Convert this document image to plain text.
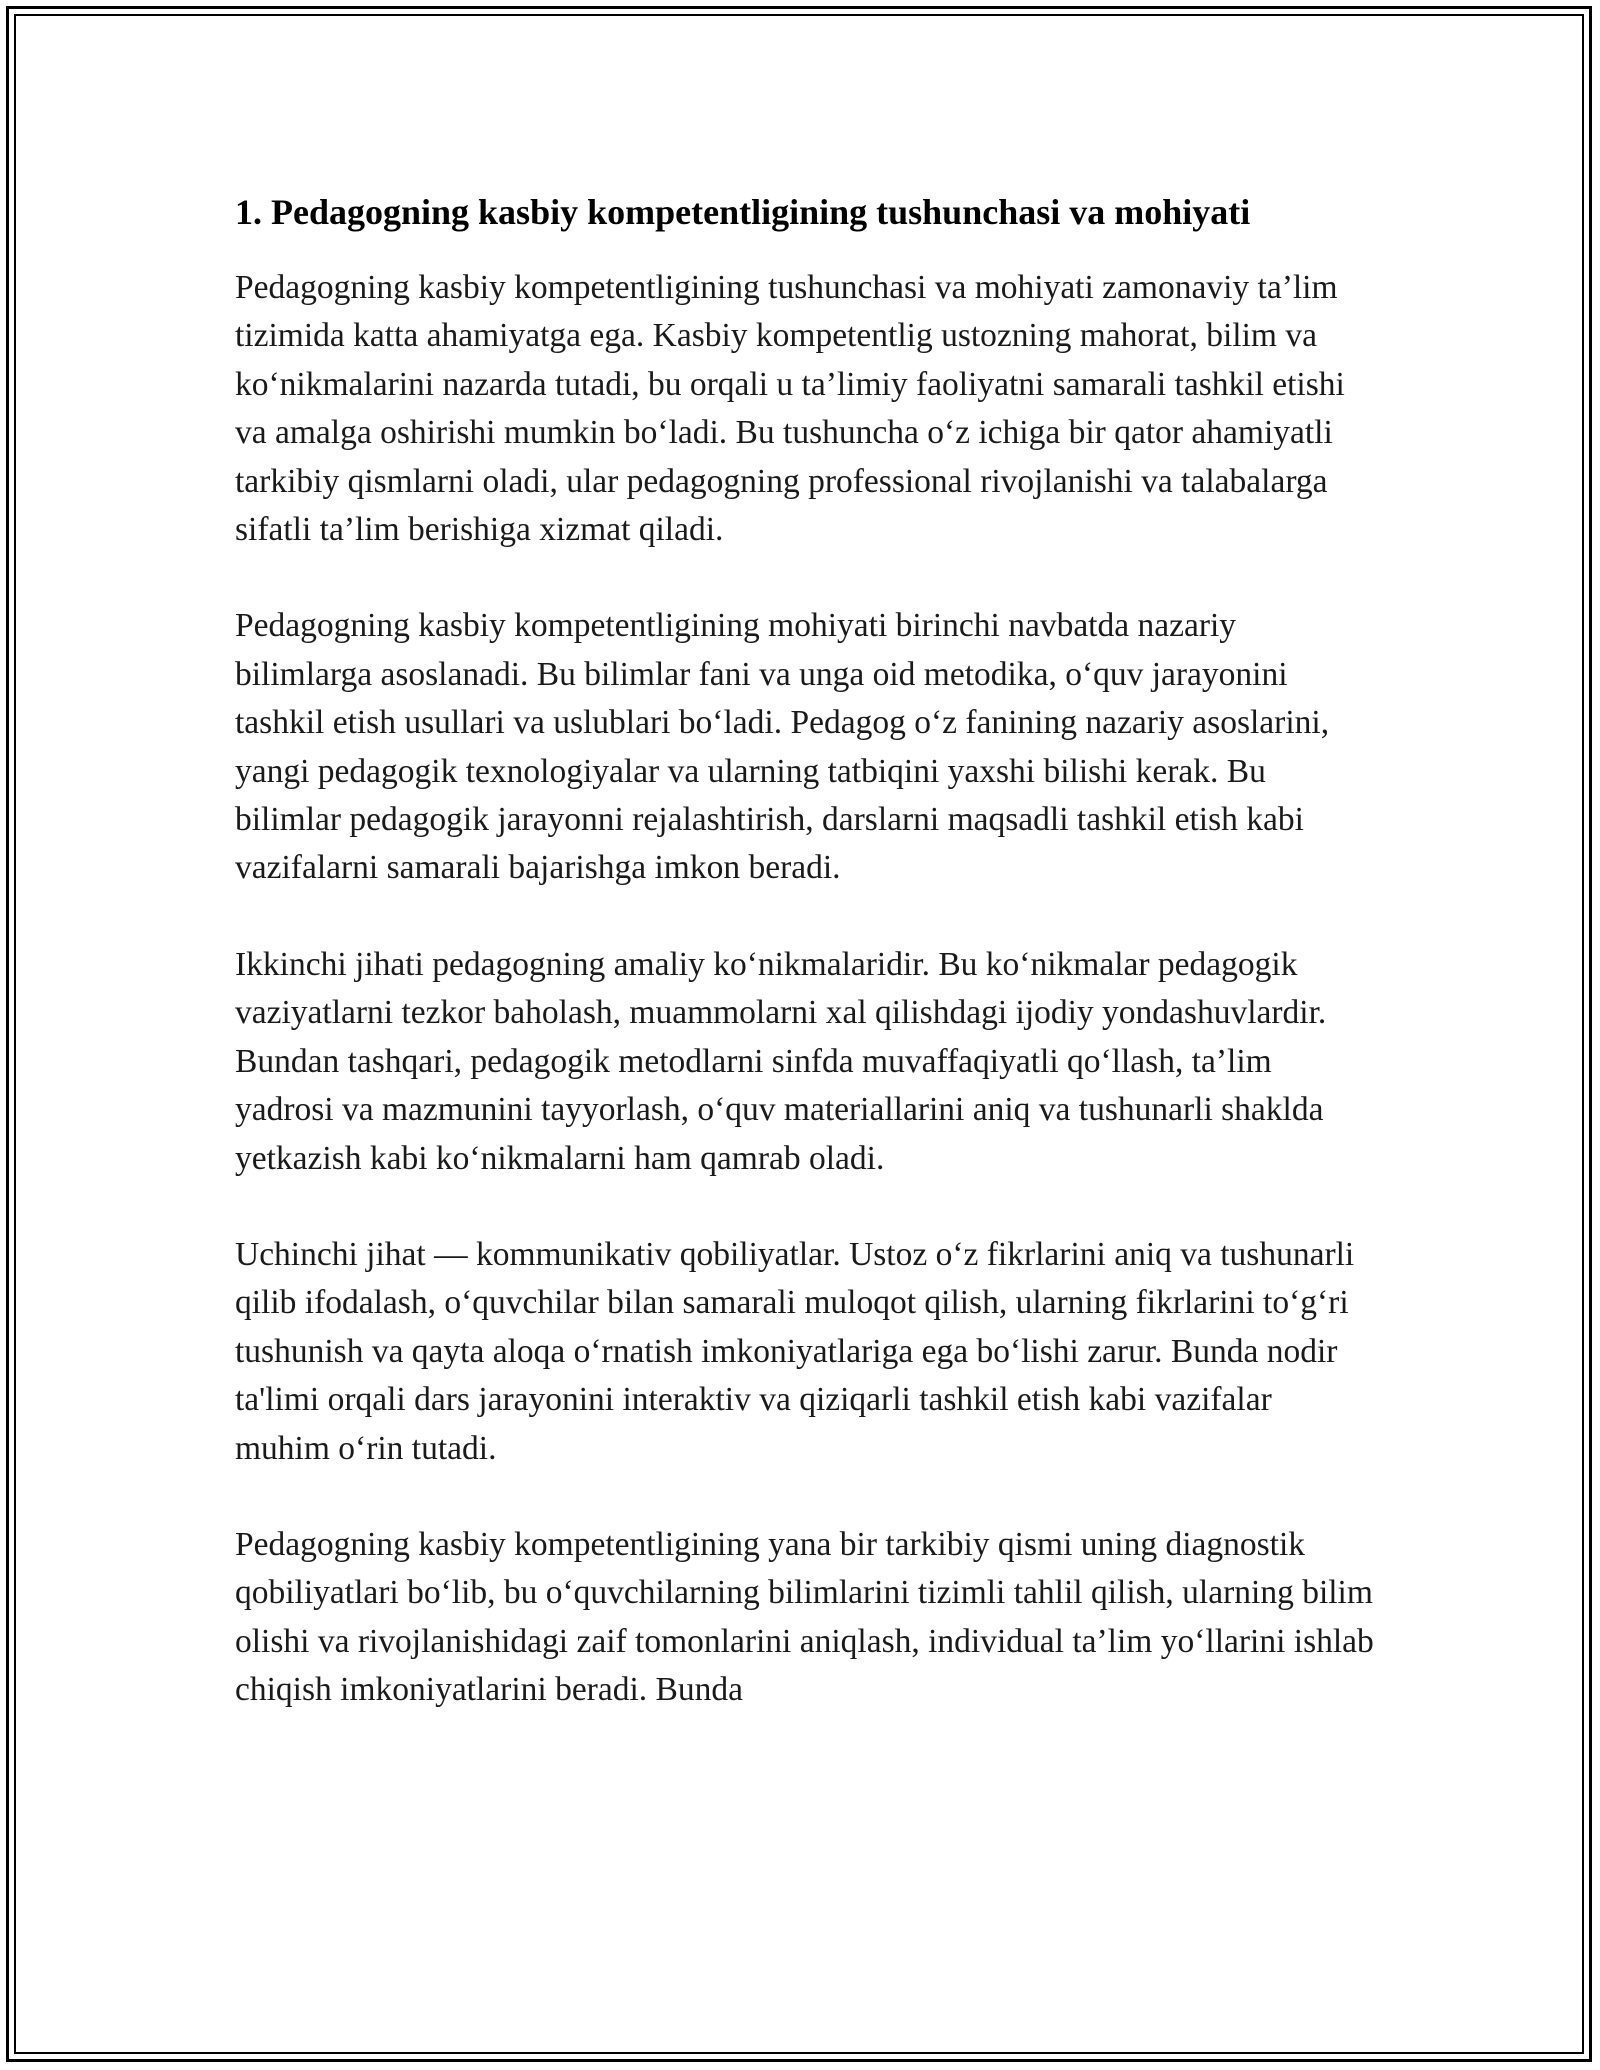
1. Pedagogning kasbiy kompetentligining tushunchasi va mohiyati

Pedagogning kasbiy kompetentligining tushunchasi va mohiyati zamonaviy ta’lim tizimida katta ahamiyatga ega. Kasbiy kompetentlig ustozning mahorat, bilim va ko‘nikmalarini nazarda tutadi, bu orqali u ta’limiy faoliyatni samarali tashkil etishi va amalga oshirishi mumkin bo‘ladi. Bu tushuncha o‘z ichiga bir qator ahamiyatli tarkibiy qismlarni oladi, ular pedagogning professional rivojlanishi va talabalarga sifatli ta’lim berishiga xizmat qiladi.

Pedagogning kasbiy kompetentligining mohiyati birinchi navbatda nazariy bilimlarga asoslanadi. Bu bilimlar fani va unga oid metodika, o‘quv jarayonini tashkil etish usullari va uslublari bo‘ladi. Pedagog o‘z fanining nazariy asoslarini, yangi pedagogik texnologiyalar va ularning tatbiqini yaxshi bilishi kerak. Bu bilimlar pedagogik jarayonni rejalashtirish, darslarni maqsadli tashkil etish kabi vazifalarni samarali bajarishga imkon beradi.

Ikkinchi jihati pedagogning amaliy ko‘nikmalaridir. Bu ko‘nikmalar pedagogik vaziyatlarni tezkor baholash, muammolarni xal qilishdagi ijodiy yondashuvlardir. Bundan tashqari, pedagogik metodlarni sinfda muvaffaqiyatli qo‘llash, ta’lim yadrosi va mazmunini tayyorlash, o‘quv materiallarini aniq va tushunarli shakldа yetkazish kabi ko‘nikmalarni ham qamrab oladi.

Uchinchi jihat — kommunikativ qobiliyatlar. Ustoz o‘z fikrlarini aniq va tushunarli qilib ifodalash, o‘quvchilar bilan samarali muloqot qilish, ularning fikrlarini to‘g‘ri tushunish va qayta aloqa o‘rnatish imkoniyatlariga ega bo‘lishi zarur. Bunda nodir ta'limi orqali dars jarayonini interaktiv va qiziqarli tashkil etish kabi vazifalar muhim o‘rin tutadi.

Pedagogning kasbiy kompetentligining yana bir tarkibiy qismi uning diagnostik qobiliyatlari bo‘lib, bu o‘quvchilarning bilimlarini tizimli tahlil qilish, ularning bilim olishi va rivojlanishidagi zaif tomonlarini aniqlash, individual ta’lim yo‘llarini ishlab chiqish imkoniyatlarini beradi. Bunda
